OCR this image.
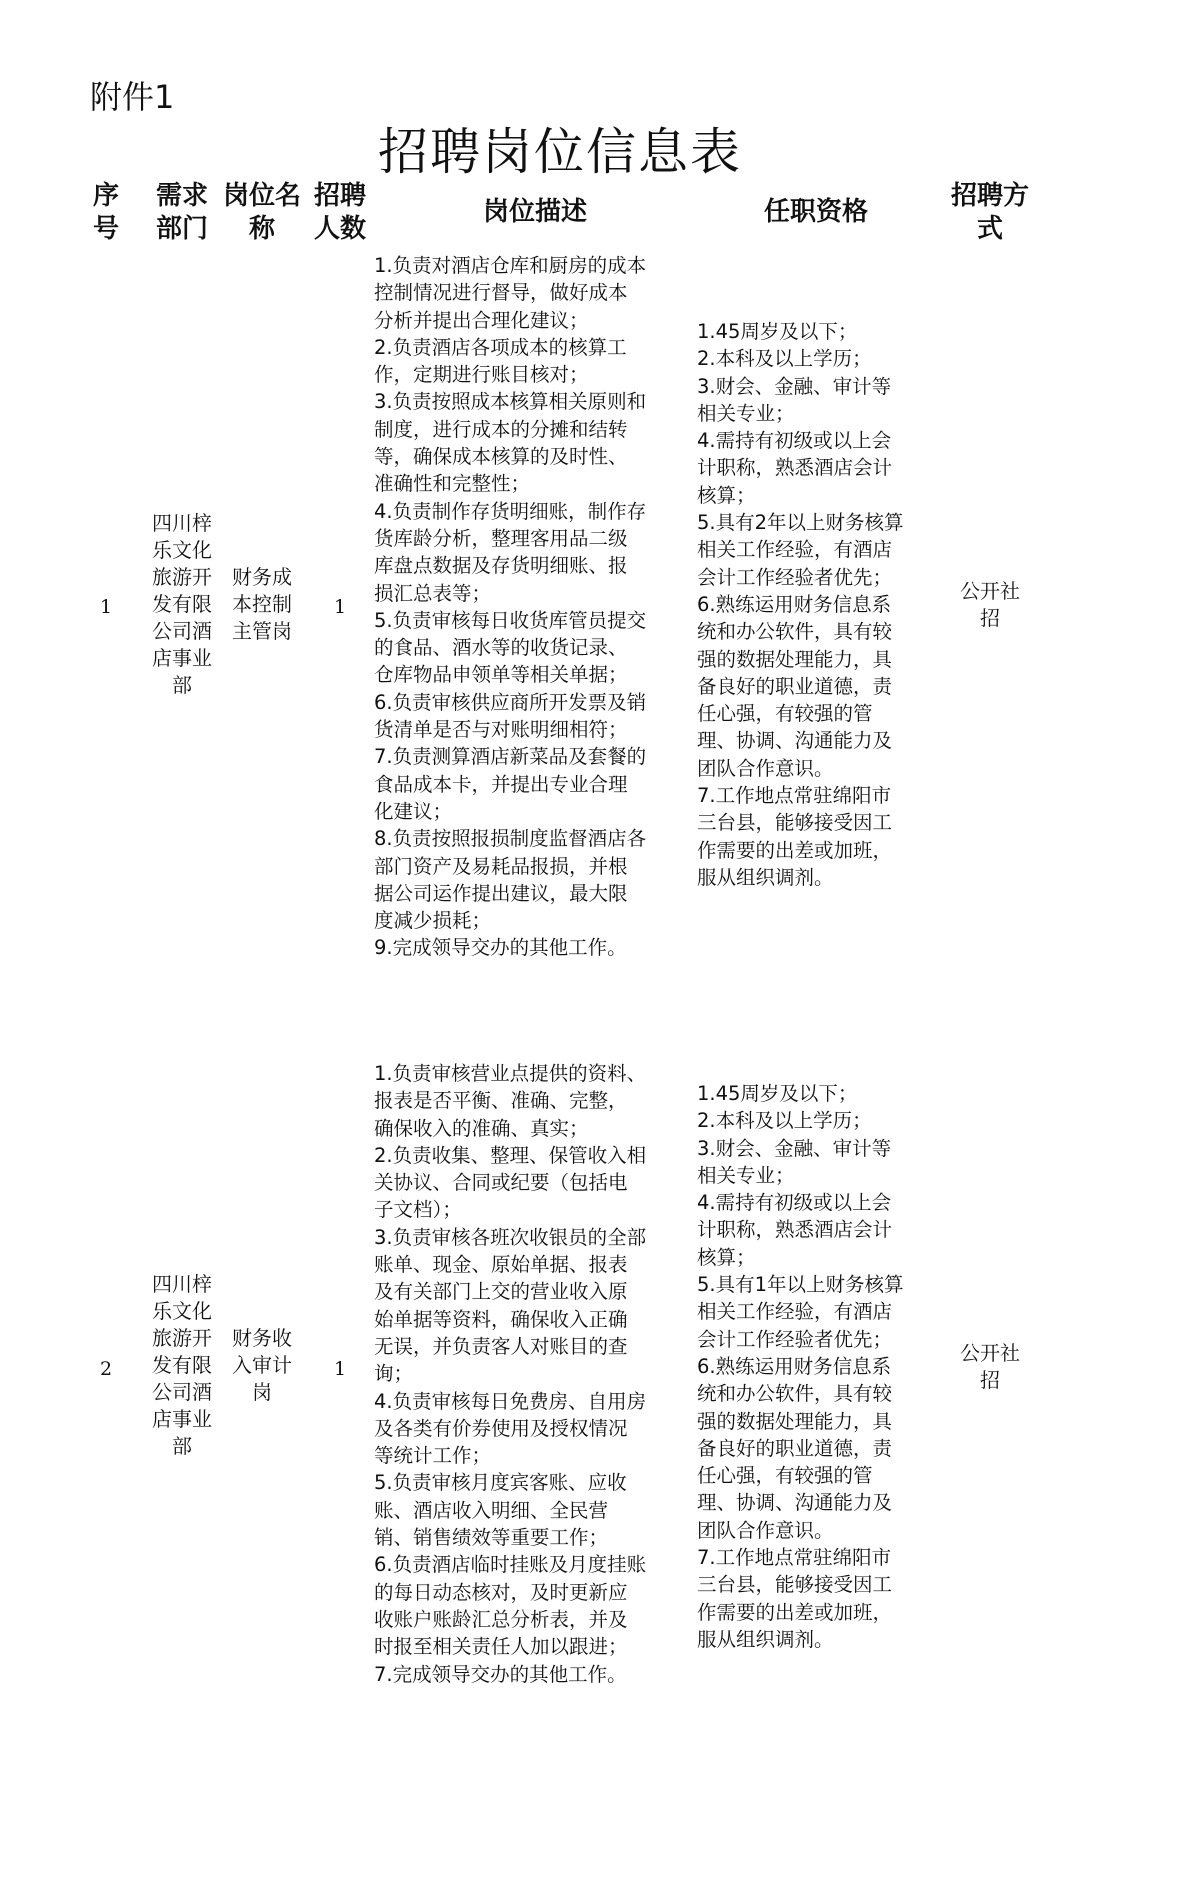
附件1
招聘岗位信息表
序
号
需求
部门
岗位名
称
招聘
人数
岗位描述	任职资格
招聘方
式
1
四川梓
乐文化
旅游开
发有限
公司酒
店事业
部
财务成
本控制
主管岗
1
1.负责对酒店仓库和厨房的成本
控制情况进行督导，做好成本
分析并提出合理化建议；
2.负责酒店各项成本的核算工
作，定期进行账目核对；
3.负责按照成本核算相关原则和
制度，进行成本的分摊和结转
等，确保成本核算的及时性、
准确性和完整性；
4.负责制作存货明细账，制作存
货库龄分析，整理客用品二级
库盘点数据及存货明细账、报
损汇总表等；
5.负责审核每日收货库管员提交
的食品、酒水等的收货记录、
仓库物品申领单等相关单据；
6.负责审核供应商所开发票及销
货清单是否与对账明细相符；
7.负责测算酒店新菜品及套餐的
食品成本卡，并提出专业合理
化建议；
8.负责按照报损制度监督酒店各
部门资产及易耗品报损，并根
据公司运作提出建议，最大限
度减少损耗；
9.完成领导交办的其他工作。
1.45周岁及以下；
2.本科及以上学历；
3.财会、金融、审计等
相关专业；
4.需持有初级或以上会
计职称，熟悉酒店会计
核算；
5.具有2年以上财务核算
相关工作经验，有酒店
会计工作经验者优先；
6.熟练运用财务信息系
统和办公软件，具有较
强的数据处理能力，具
备良好的职业道德，责
任心强，有较强的管
理、协调、沟通能力及
团队合作意识。
7.工作地点常驻绵阳市
三台县，能够接受因工
作需要的出差或加班，
服从组织调剂。
公开社
招
2
四川梓
乐文化
旅游开
发有限
公司酒
店事业
部
财务收
入审计
岗
1
1.负责审核营业点提供的资料、
报表是否平衡、准确、完整，
确保收入的准确、真实；
2.负责收集、整理、保管收入相
关协议、合同或纪要（包括电
子文档）；
3.负责审核各班次收银员的全部
账单、现金、原始单据、报表
及有关部门上交的营业收入原
始单据等资料，确保收入正确
无误，并负责客人对账目的查
询；
4.负责审核每日免费房、自用房
及各类有价券使用及授权情况
等统计工作；
5.负责审核月度宾客账、应收
账、酒店收入明细、全民营
销、销售绩效等重要工作；
6.负责酒店临时挂账及月度挂账
的每日动态核对，及时更新应
收账户账龄汇总分析表，并及
时报至相关责任人加以跟进；
7.完成领导交办的其他工作。
1.45周岁及以下；
2.本科及以上学历；
3.财会、金融、审计等
相关专业；
4.需持有初级或以上会
计职称，熟悉酒店会计
核算；
5.具有1年以上财务核算
相关工作经验，有酒店
会计工作经验者优先；
6.熟练运用财务信息系
统和办公软件，具有较
强的数据处理能力，具
备良好的职业道德，责
任心强，有较强的管
理、协调、沟通能力及
团队合作意识。
7.工作地点常驻绵阳市
三台县，能够接受因工
作需要的出差或加班，
服从组织调剂。
公开社
招
